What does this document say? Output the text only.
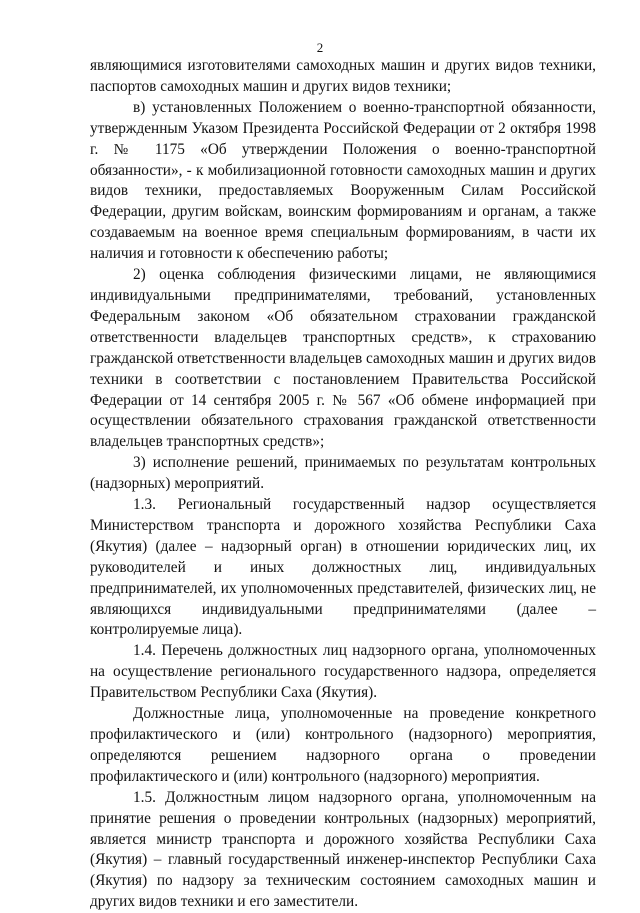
2

являющимися изготовителями самоходных машин и других видов техники, паспортов самоходных машин и других видов техники;

в) установленных Положением о военно-транспортной обязанности, утвержденным Указом Президента Российской Федерации от 2 октября 1998 г. № 1175 «Об утверждении Положения о военно-транспортной обязанности», - к мобилизационной готовности самоходных машин и других видов техники, предоставляемых Вооруженным Силам Российской Федерации, другим войскам, воинским формированиям и органам, а также создаваемым на военное время специальным формированиям, в части их наличия и готовности к обеспечению работы;

2) оценка соблюдения физическими лицами, не являющимися индивидуальными предпринимателями, требований, установленных Федеральным законом «Об обязательном страховании гражданской ответственности владельцев транспортных средств», к страхованию гражданской ответственности владельцев самоходных машин и других видов техники в соответствии с постановлением Правительства Российской Федерации от 14 сентября 2005 г. № 567 «Об обмене информацией при осуществлении обязательного страхования гражданской ответственности владельцев транспортных средств»;

3) исполнение решений, принимаемых по результатам контрольных (надзорных) мероприятий.

1.3. Региональный государственный надзор осуществляется Министерством транспорта и дорожного хозяйства Республики Саха (Якутия) (далее – надзорный орган) в отношении юридических лиц, их руководителей и иных должностных лиц, индивидуальных предпринимателей, их уполномоченных представителей, физических лиц, не являющихся индивидуальными предпринимателями (далее – контролируемые лица).

1.4. Перечень должностных лиц надзорного органа, уполномоченных на осуществление регионального государственного надзора, определяется Правительством Республики Саха (Якутия).

Должностные лица, уполномоченные на проведение конкретного профилактического и (или) контрольного (надзорного) мероприятия, определяются решением надзорного органа о проведении профилактического и (или) контрольного (надзорного) мероприятия.

1.5. Должностным лицом надзорного органа, уполномоченным на принятие решения о проведении контрольных (надзорных) мероприятий, является министр транспорта и дорожного хозяйства Республики Саха (Якутия) – главный государственный инженер-инспектор Республики Саха (Якутия) по надзору за техническим состоянием самоходных машин и других видов техники и его заместители.
